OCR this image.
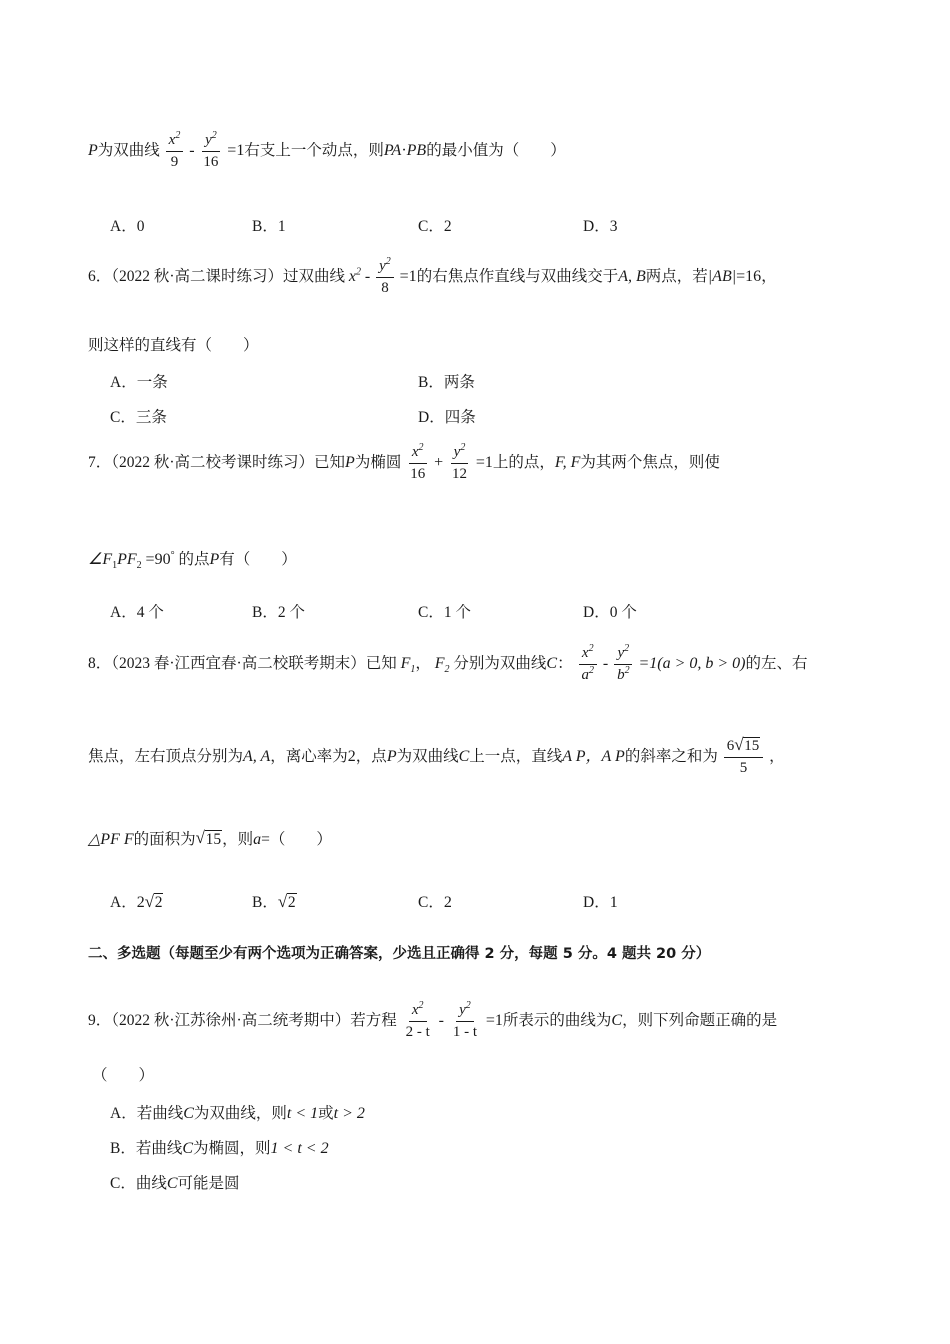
P为双曲线 $\frac{x^2}{9} - \frac{y^2}{16} =1$右支上一个动点，则PA·PB的最小值为（　　）
A．0	B．1	C．2	D．3
6．（2022 秋·高二课时练习）过双曲线 $x^2 - \frac{y^2}{8} =1$的右焦点作直线与双曲线交于A, B两点，若|AB|=16，
则这样的直线有（　　）
A．一条	B．两条
C．三条	D．四条
7．（2022 秋·高二校考课时练习）已知P为椭圆 $\frac{x^2}{16} + \frac{y^2}{12} =1$上的点，F, F为其两个焦点，则使
$\angle F_1PF_2 =90^\circ$ 的点P有（　　）
A．4 个	B．2 个	C．1 个	D．0 个
8．（2023 春·江西宜春·高二校联考期末）已知 $F_1$， $F_2$ 分别为双曲线C： $\frac{x^2}{a^2} - \frac{y^2}{b^2} =1(a > 0$, b > 0)的左、右
焦点，左右顶点分别为A, A，离心率为2，点P为双曲线C上一点，直线A P，A P的斜率之和为 $\frac{6 √ 15}{5}$ ，
△PF F的面积为 √ 15，则a=（　　）
A．2 √ 2	B． √ 2	C．2	D．1
二、多选题（每题至少有两个选项为正确答案，少选且正确得 2 分，每题 5 分。4 题共 20 分）
9．（2022 秋·江苏徐州·高二统考期中）若方程 $\frac{x^2}{2 - t} - \frac{y^2}{1 - t} =1$所表示的曲线为C，则下列命题正确的是
（　　）
A．若曲线C为双曲线，则t < 1或t > 2
B．若曲线C为椭圆，则1 < t < 2
C．曲线C可能是圆
